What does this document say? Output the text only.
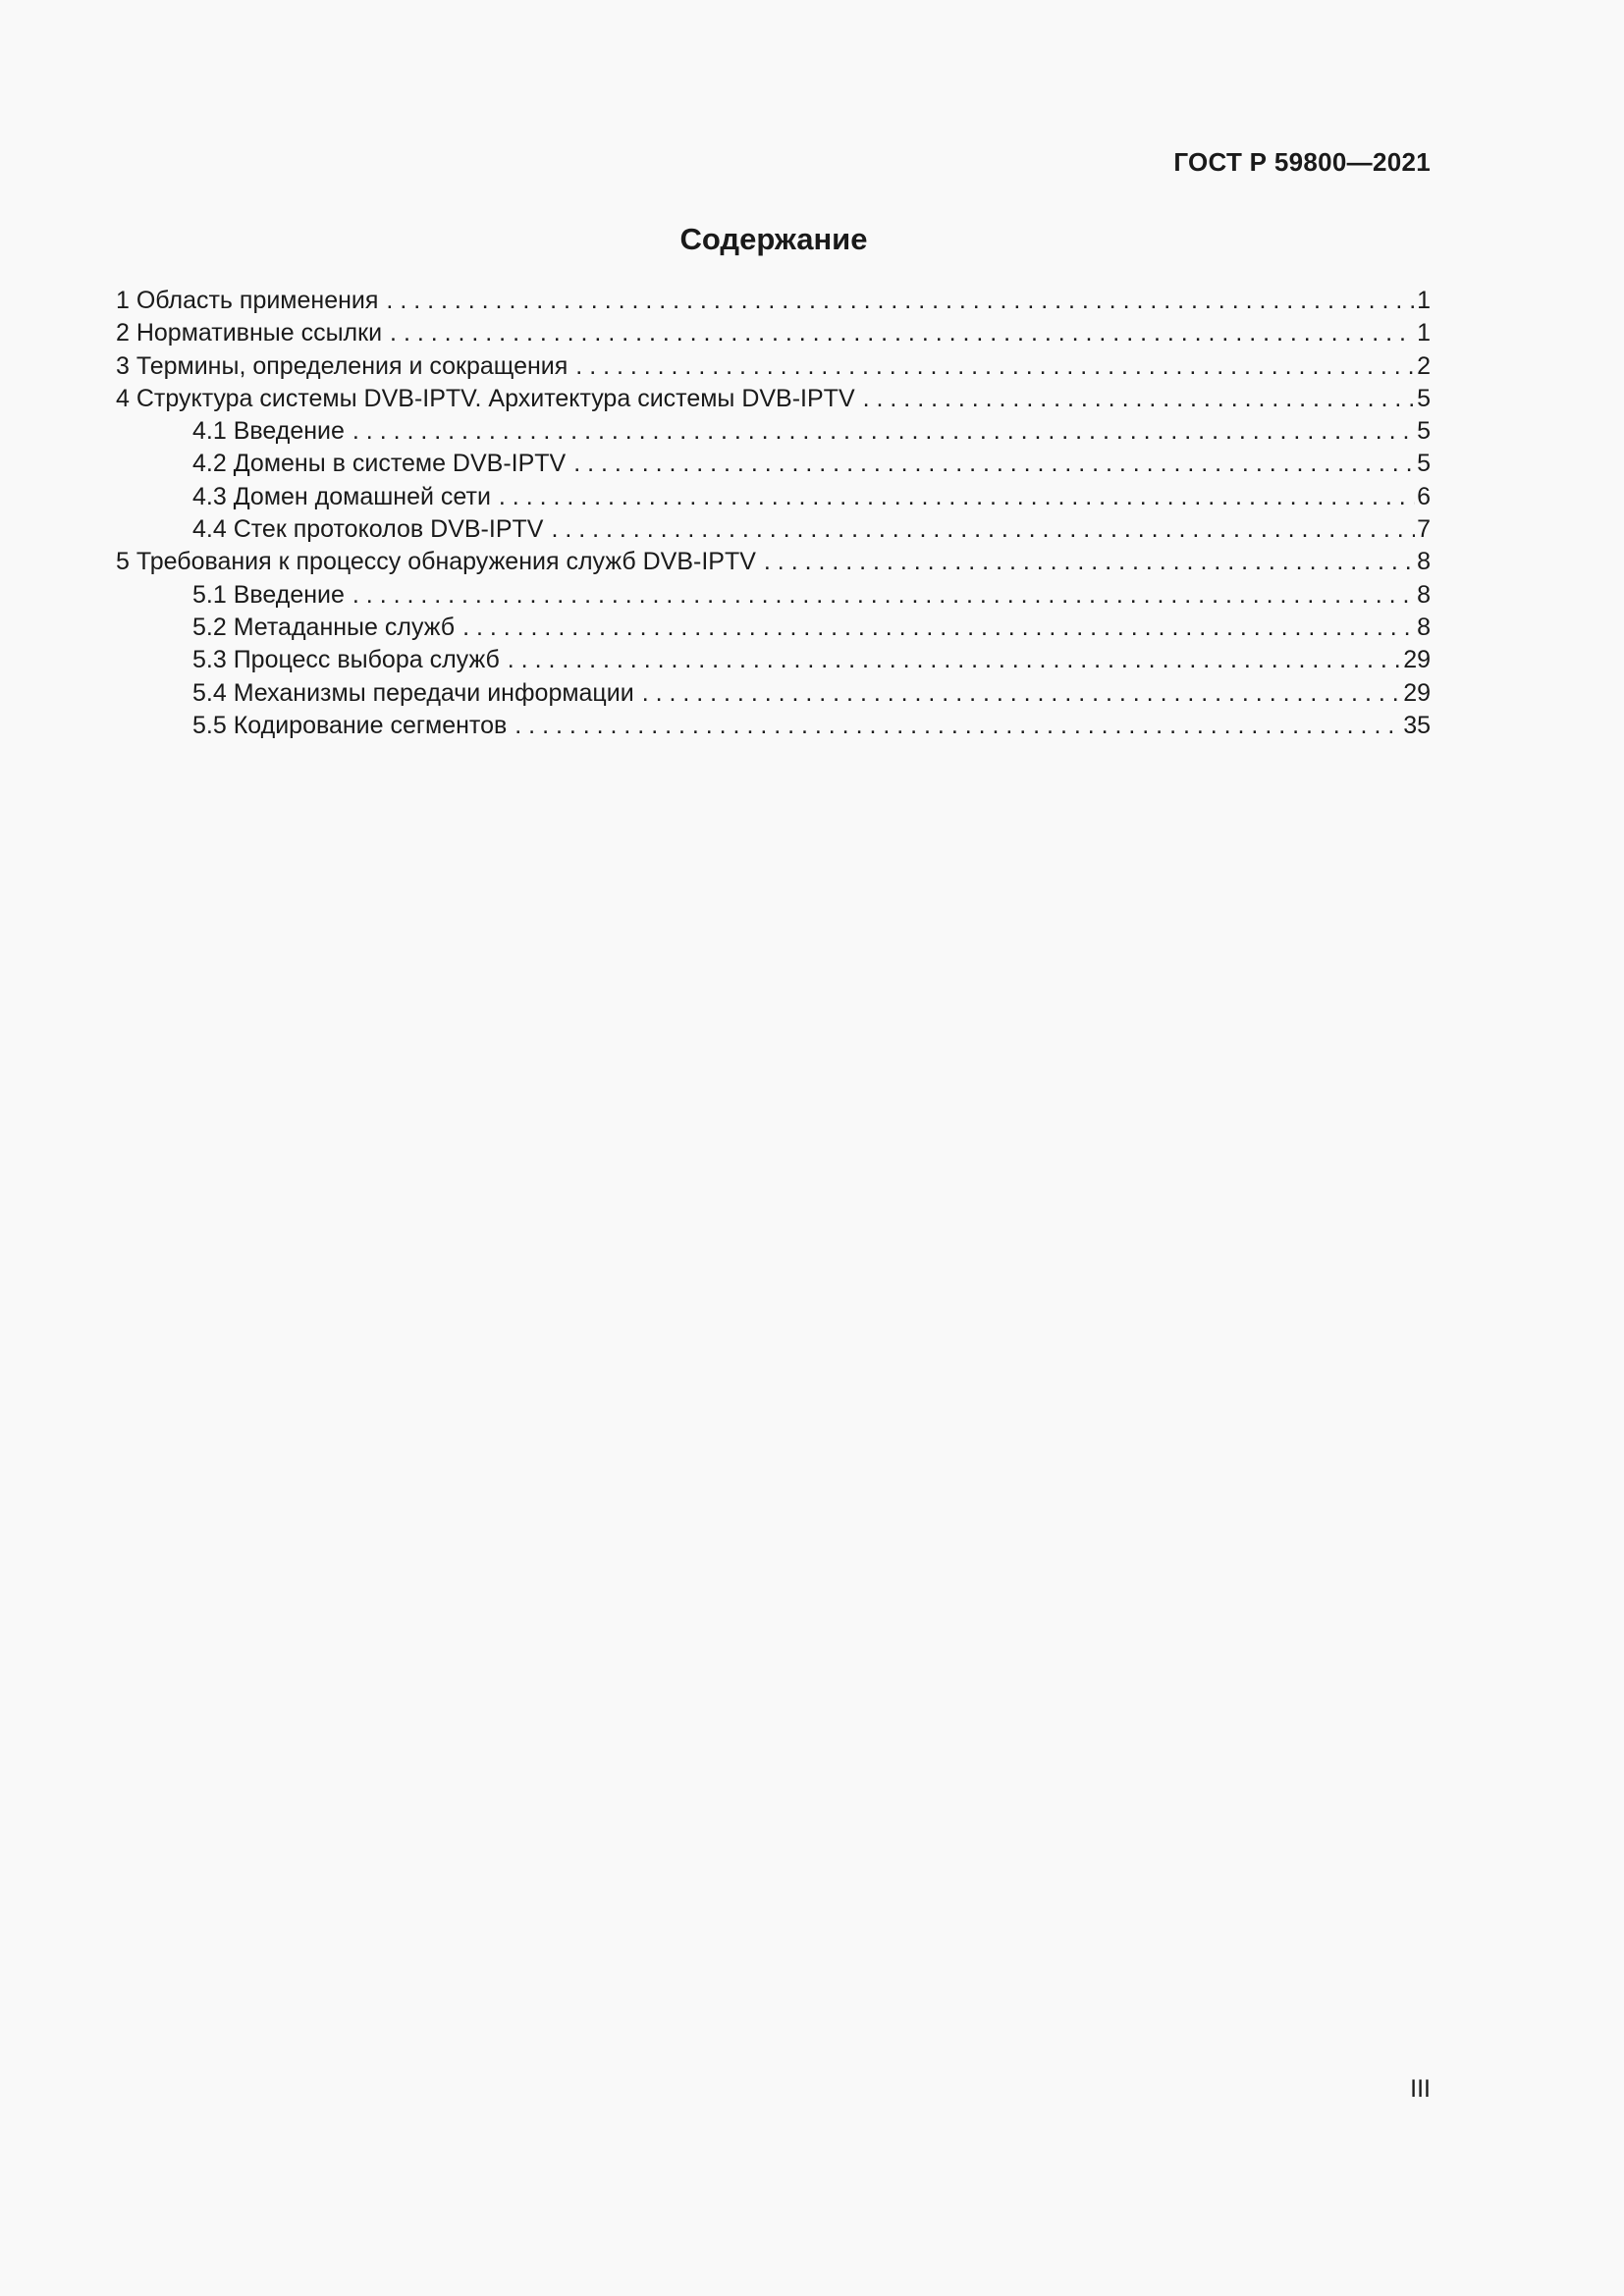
ГОСТ Р 59800—2021
Содержание
1 Область применения . . .	1
2 Нормативные ссылки . . .	1
3 Термины, определения и сокращения . . .	2
4 Структура системы DVB-IPTV. Архитектура системы DVB-IPTV . . .	5
4.1 Введение . . .	5
4.2 Домены в системе DVB-IPTV . . .	5
4.3 Домен домашней сети . . .	6
4.4 Стек протоколов DVB-IPTV . . .	7
5 Требования к процессу обнаружения служб DVB-IPTV . . .	8
5.1 Введение . . .	8
5.2 Метаданные служб . . .	8
5.3 Процесс выбора служб . . .	29
5.4 Механизмы передачи информации . . .	29
5.5 Кодирование сегментов . . .	35
III
